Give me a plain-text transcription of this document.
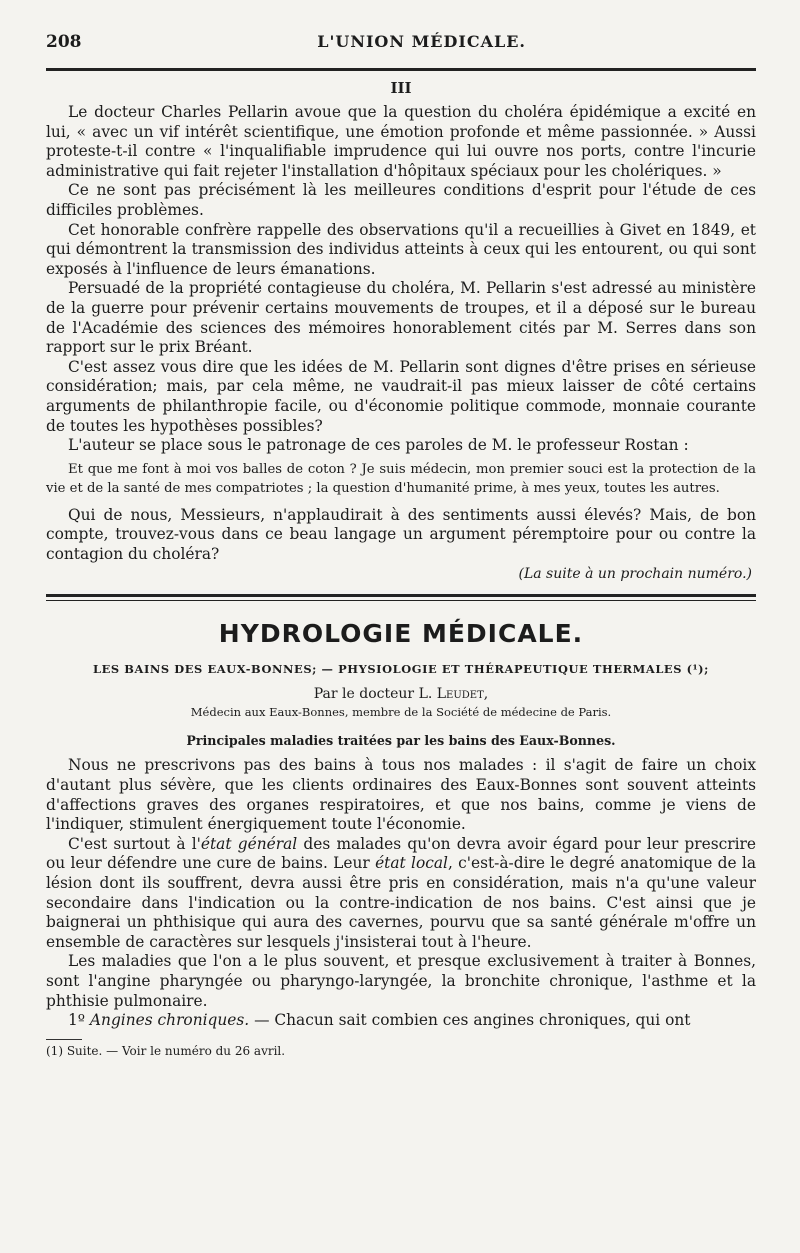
208	L'UNION MÉDICALE.
III

Le docteur Charles Pellarin avoue que la question du choléra épidémique a excité en lui, « avec un vif intérêt scientifique, une émotion profonde et même passionnée. » Aussi proteste-t-il contre « l'inqualifiable imprudence qui lui ouvre nos ports, contre l'incurie administrative qui fait rejeter l'installation d'hôpitaux spéciaux pour les cholériques. »

Ce ne sont pas précisément là les meilleures conditions d'esprit pour l'étude de ces difficiles problèmes.

Cet honorable confrère rappelle des observations qu'il a recueillies à Givet en 1849, et qui démontrent la transmission des individus atteints à ceux qui les entourent, ou qui sont exposés à l'influence de leurs émanations.

Persuadé de la propriété contagieuse du choléra, M. Pellarin s'est adressé au ministère de la guerre pour prévenir certains mouvements de troupes, et il a déposé sur le bureau de l'Académie des sciences des mémoires honorablement cités par M. Serres dans son rapport sur le prix Bréant.

C'est assez vous dire que les idées de M. Pellarin sont dignes d'être prises en sérieuse considération; mais, par cela même, ne vaudrait-il pas mieux laisser de côté certains arguments de philanthropie facile, ou d'économie politique commode, monnaie courante de toutes les hypothèses possibles?

L'auteur se place sous le patronage de ces paroles de M. le professeur Rostan :

Et que me font à moi vos balles de coton ? Je suis médecin, mon premier souci est la protection de la vie et de la santé de mes compatriotes ; la question d'humanité prime, à mes yeux, toutes les autres.

Qui de nous, Messieurs, n'applaudirait à des sentiments aussi élevés? Mais, de bon compte, trouvez-vous dans ce beau langage un argument péremptoire pour ou contre la contagion du choléra?

(La suite à un prochain numéro.)
HYDROLOGIE MÉDICALE.
LES BAINS DES EAUX-BONNES; — PHYSIOLOGIE ET THÉRAPEUTIQUE THERMALES (¹);
Par le docteur L. Leudet,
Médecin aux Eaux-Bonnes, membre de la Société de médecine de Paris.
Principales maladies traitées par les bains des Eaux-Bonnes.

Nous ne prescrivons pas des bains à tous nos malades : il s'agit de faire un choix d'autant plus sévère, que les clients ordinaires des Eaux-Bonnes sont souvent atteints d'affections graves des organes respiratoires, et que nos bains, comme je viens de l'indiquer, stimulent énergiquement toute l'économie.

C'est surtout à l'état général des malades qu'on devra avoir égard pour leur prescrire ou leur défendre une cure de bains. Leur état local, c'est-à-dire le degré anatomique de la lésion dont ils souffrent, devra aussi être pris en considération, mais n'a qu'une valeur secondaire dans l'indication ou la contre-indication de nos bains. C'est ainsi que je baignerai un phthisique qui aura des cavernes, pourvu que sa santé générale m'offre un ensemble de caractères sur lesquels j'insisterai tout à l'heure.

Les maladies que l'on a le plus souvent, et presque exclusivement à traiter à Bonnes, sont l'angine pharyngée ou pharyngo-laryngée, la bronchite chronique, l'asthme et la phthisie pulmonaire.

1º Angines chroniques. — Chacun sait combien ces angines chroniques, qui ont

(1) Suite. — Voir le numéro du 26 avril.
